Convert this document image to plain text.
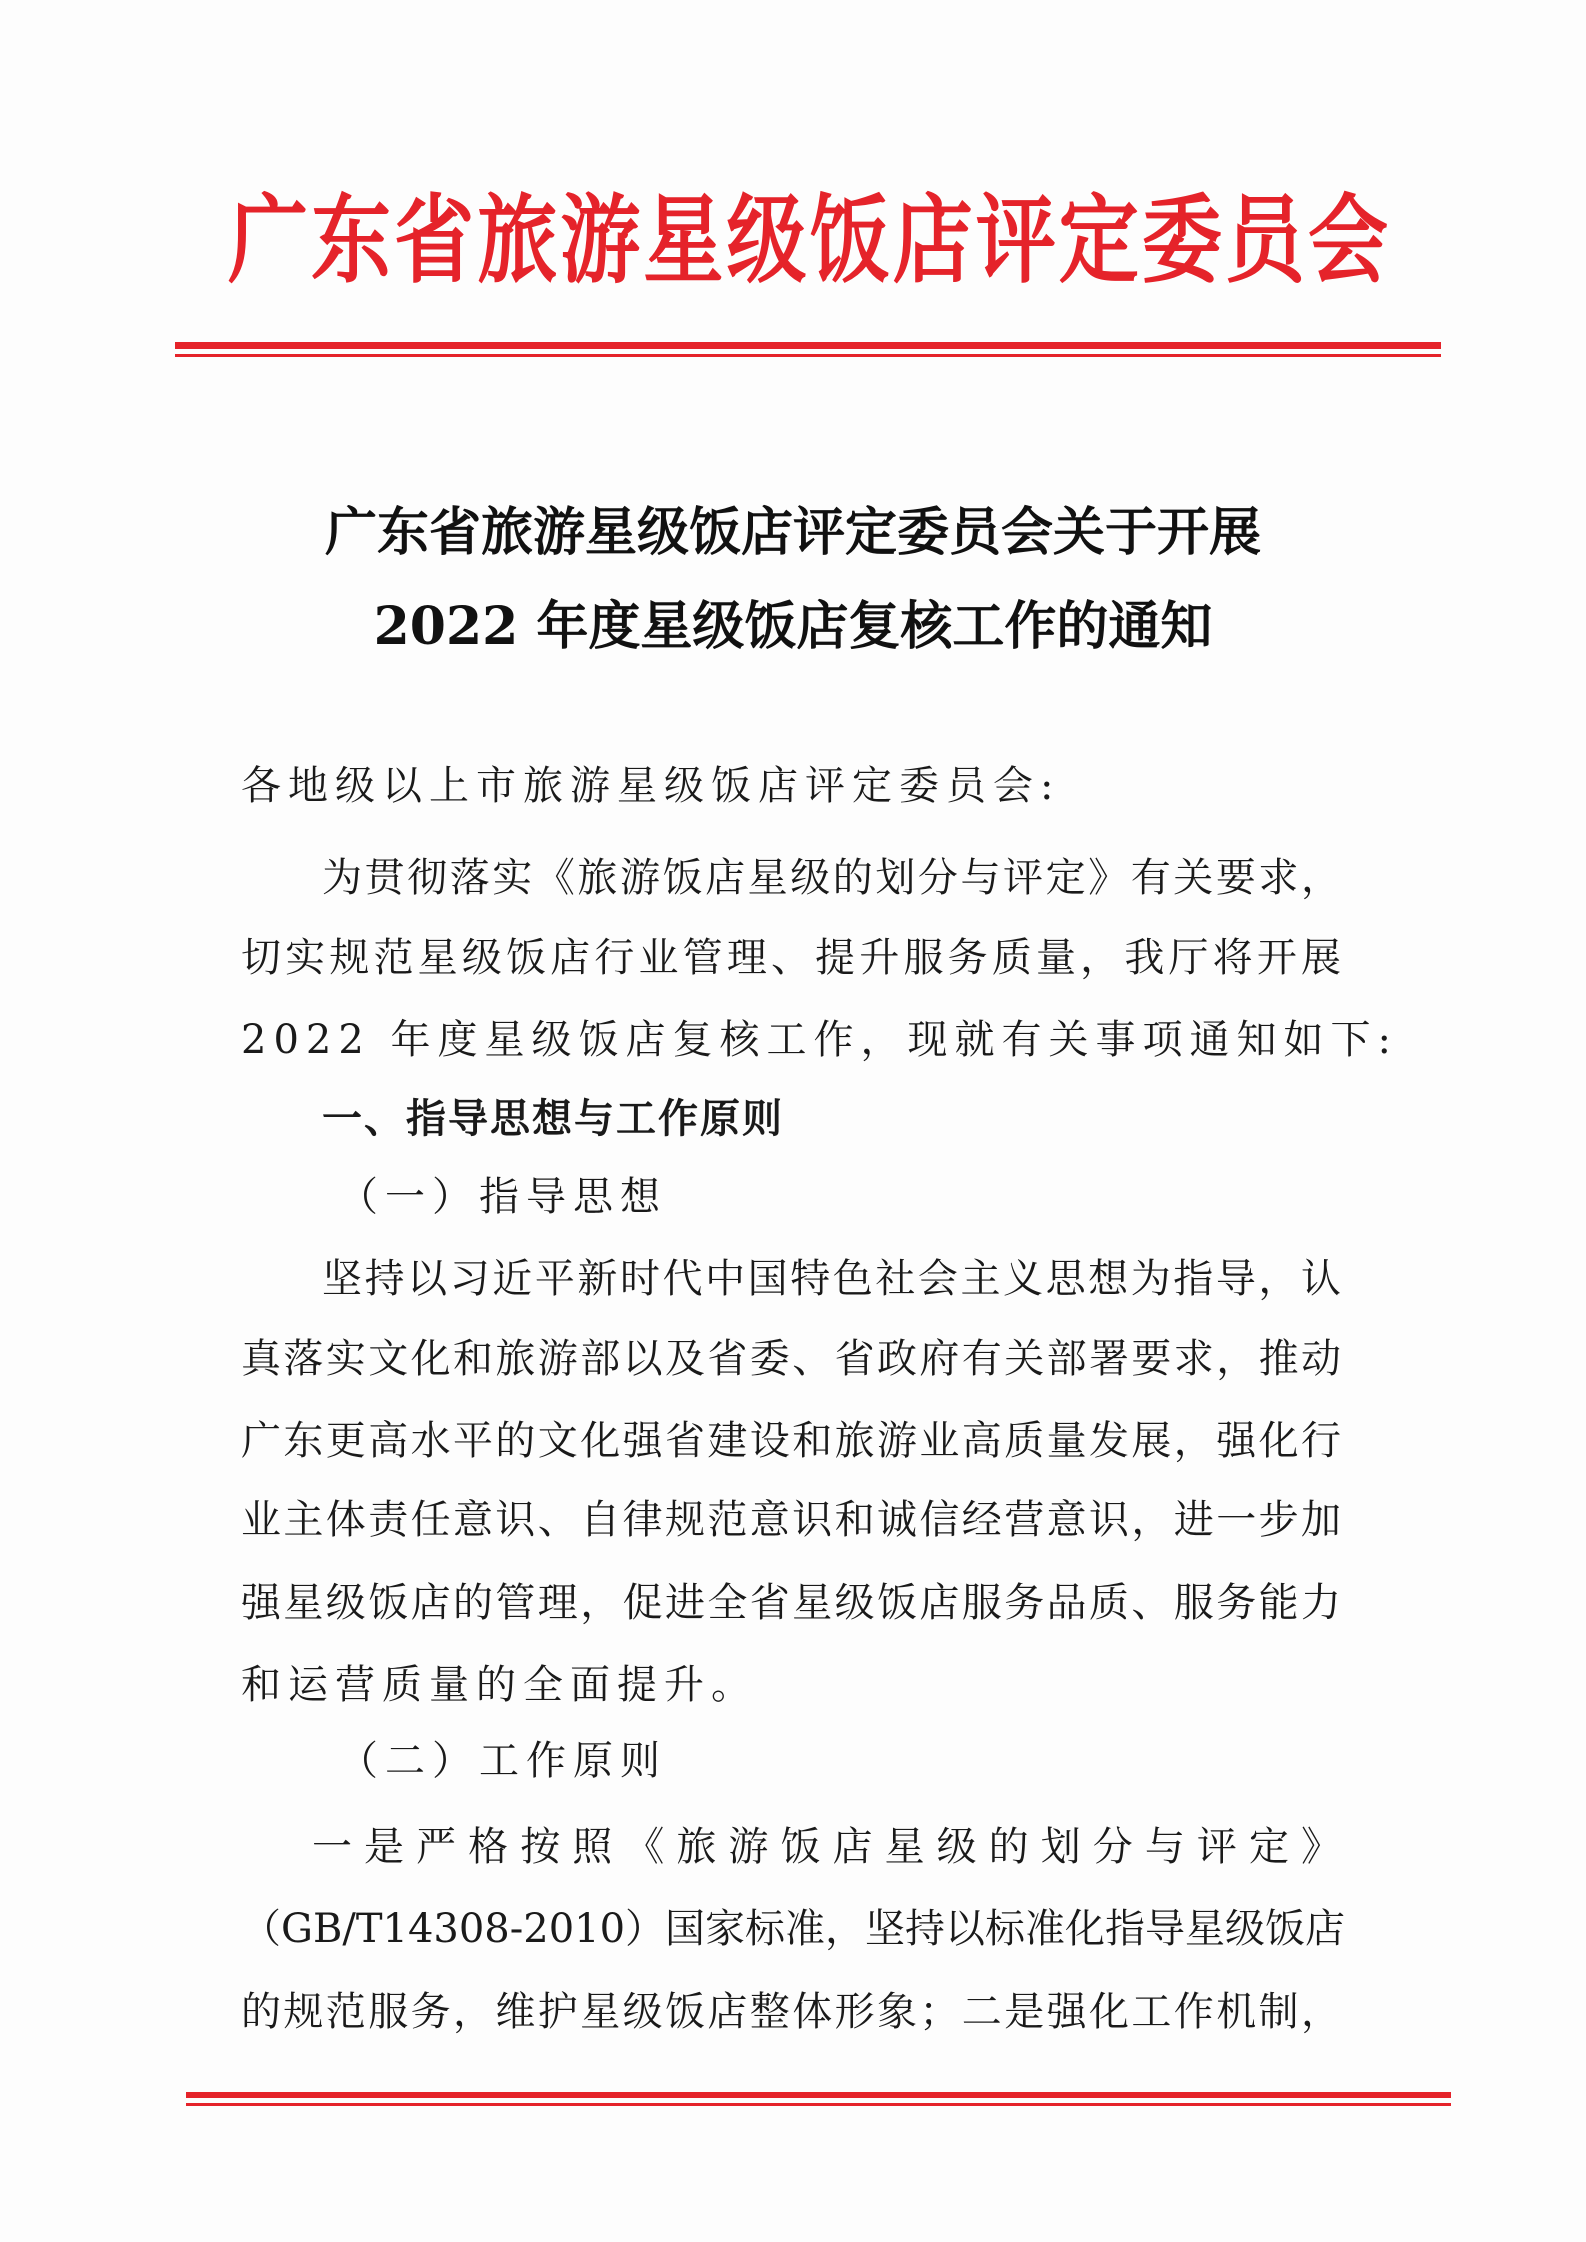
广东省旅游星级饭店评定委员会
广东省旅游星级饭店评定委员会关于开展
2022 年度星级饭店复核工作的通知
各地级以上市旅游星级饭店评定委员会:
为贯彻落实《旅游饭店星级的划分与评定》有关要求，
切实规范星级饭店行业管理、提升服务质量，我厅将开展
2022 年度星级饭店复核工作，现就有关事项通知如下:
一、指导思想与工作原则
（一）指导思想
坚持以习近平新时代中国特色社会主义思想为指导，认
真落实文化和旅游部以及省委、省政府有关部署要求，推动
广东更高水平的文化强省建设和旅游业高质量发展，强化行
业主体责任意识、自律规范意识和诚信经营意识，进一步加
强星级饭店的管理，促进全省星级饭店服务品质、服务能力
和运营质量的全面提升。
（二）工作原则
一是严格按照《旅游饭店星级的划分与评定》
（GB/T14308-2010）国家标准，坚持以标准化指导星级饭店
的规范服务，维护星级饭店整体形象；二是强化工作机制，
